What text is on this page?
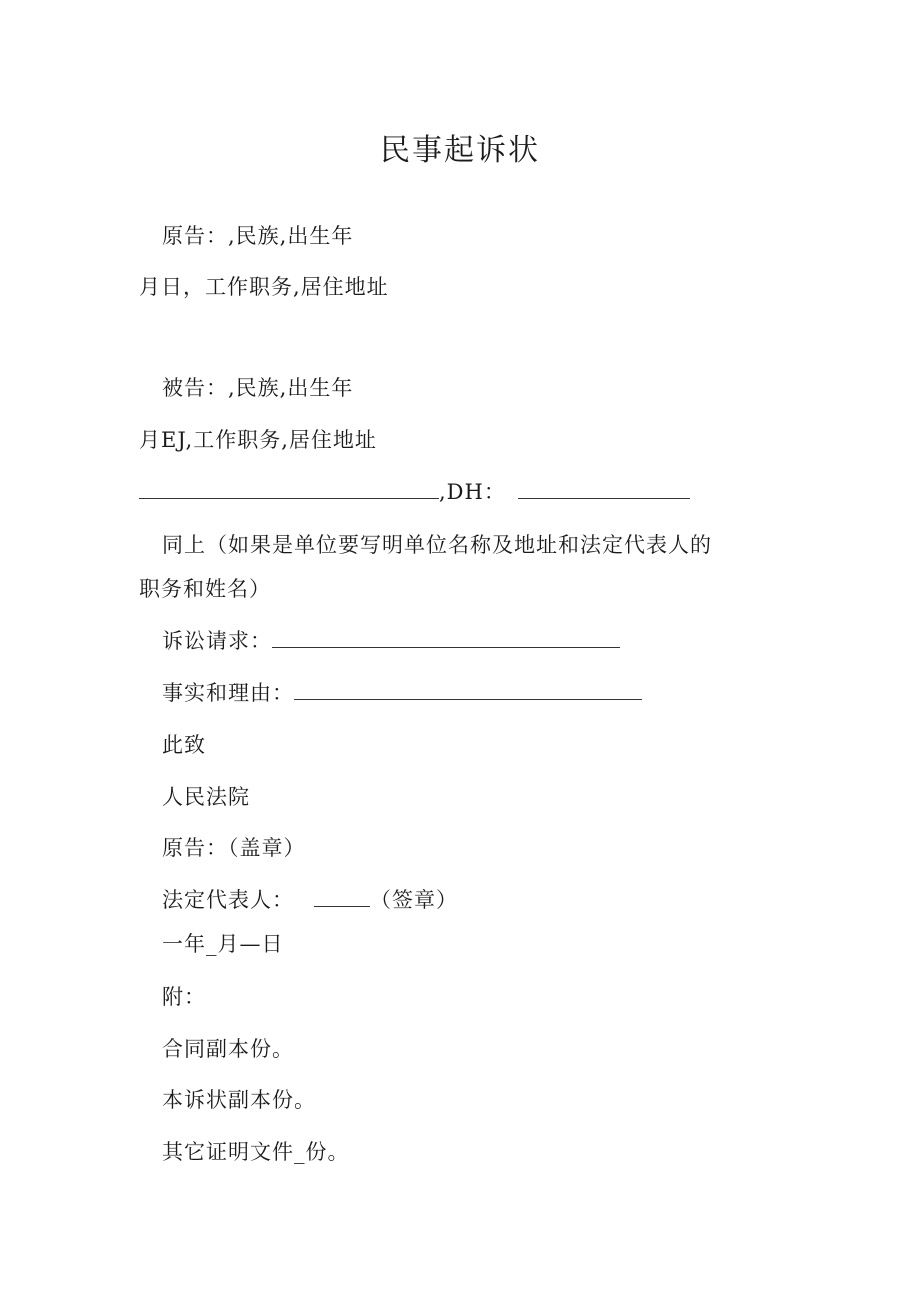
民事起诉状
原告：,民族,出生年
月日，工作职务,居住地址
被告：,民族,出生年
月EJ,工作职务,居住地址
,DH：
同上（如果是单位要写明单位名称及地址和法定代表人的
职务和姓名）
诉讼请求：
事实和理由：
此致
人民法院
原告：（盖章）
法定代表人：	（签章）
一年_月—日
附：
合同副本份。
本诉状副本份。
其它证明文件_份。
